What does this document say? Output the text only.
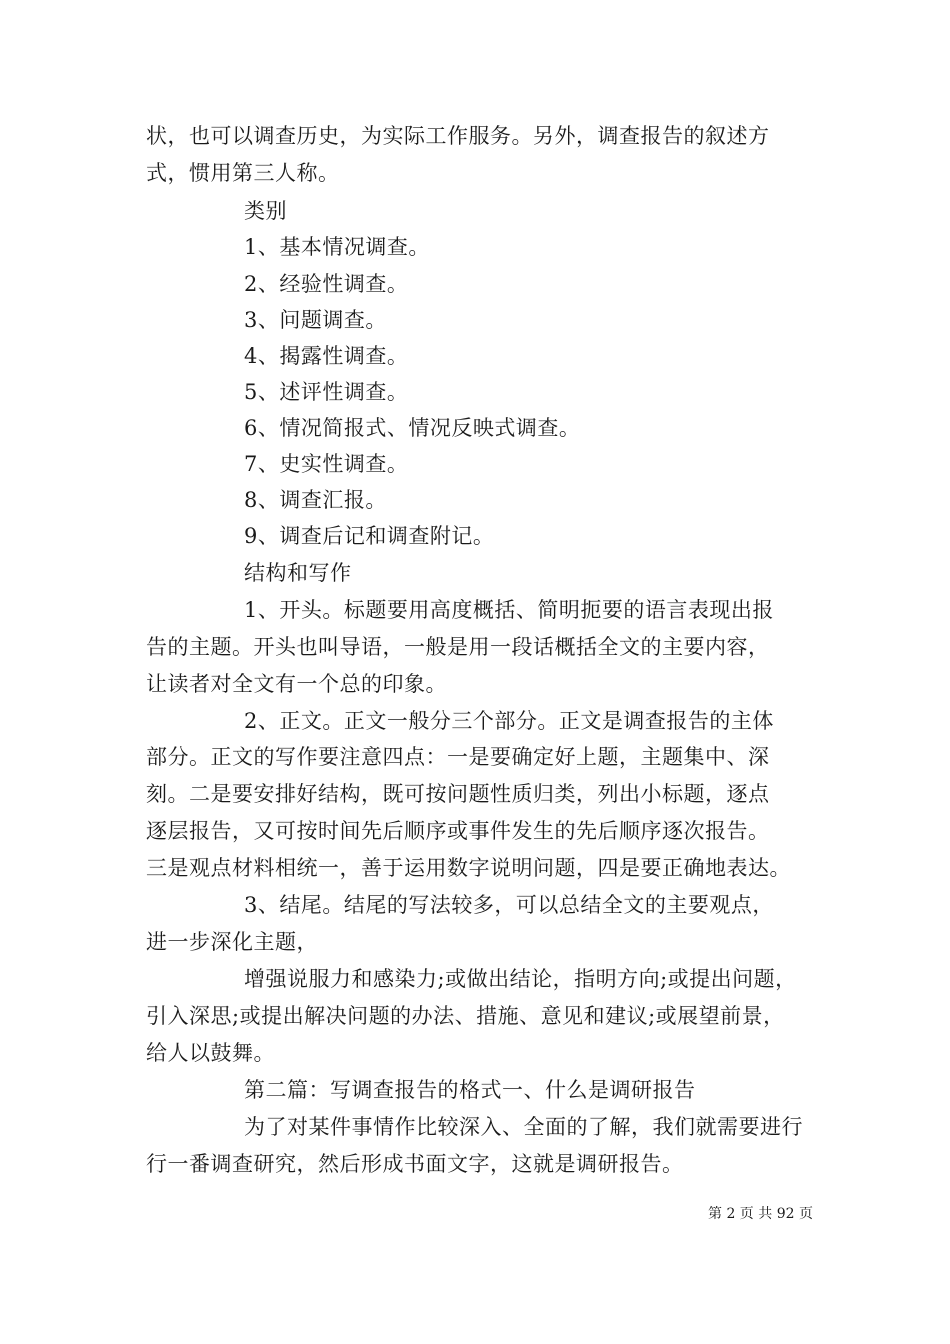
状，也可以调查历史，为实际工作服务。另外，调查报告的叙述方
式，惯用第三人称。
类别
1、基本情况调查。
2、经验性调查。
3、问题调查。
4、揭露性调查。
5、述评性调查。
6、情况简报式、情况反映式调查。
7、史实性调查。
8、调查汇报。
9、调查后记和调查附记。
结构和写作
1、开头。标题要用高度概括、简明扼要的语言表现出报
告的主题。开头也叫导语，一般是用一段话概括全文的主要内容，
让读者对全文有一个总的印象。
2、正文。正文一般分三个部分。正文是调查报告的主体
部分。正文的写作要注意四点：一是要确定好上题，主题集中、深
刻。二是要安排好结构，既可按问题性质归类，列出小标题，逐点
逐层报告，又可按时间先后顺序或事件发生的先后顺序逐次报告。
三是观点材料相统一，善于运用数字说明问题，四是要正确地表达。
3、结尾。结尾的写法较多，可以总结全文的主要观点，
进一步深化主题，
增强说服力和感染力;或做出结论，指明方向;或提出问题，
引入深思;或提出解决问题的办法、措施、意见和建议;或展望前景，
给人以鼓舞。
第二篇：写调查报告的格式一、什么是调研报告
为了对某件事情作比较深入、全面的了解，我们就需要进行
行一番调查研究，然后形成书面文字，这就是调研报告。
第 2 页 共 92 页
